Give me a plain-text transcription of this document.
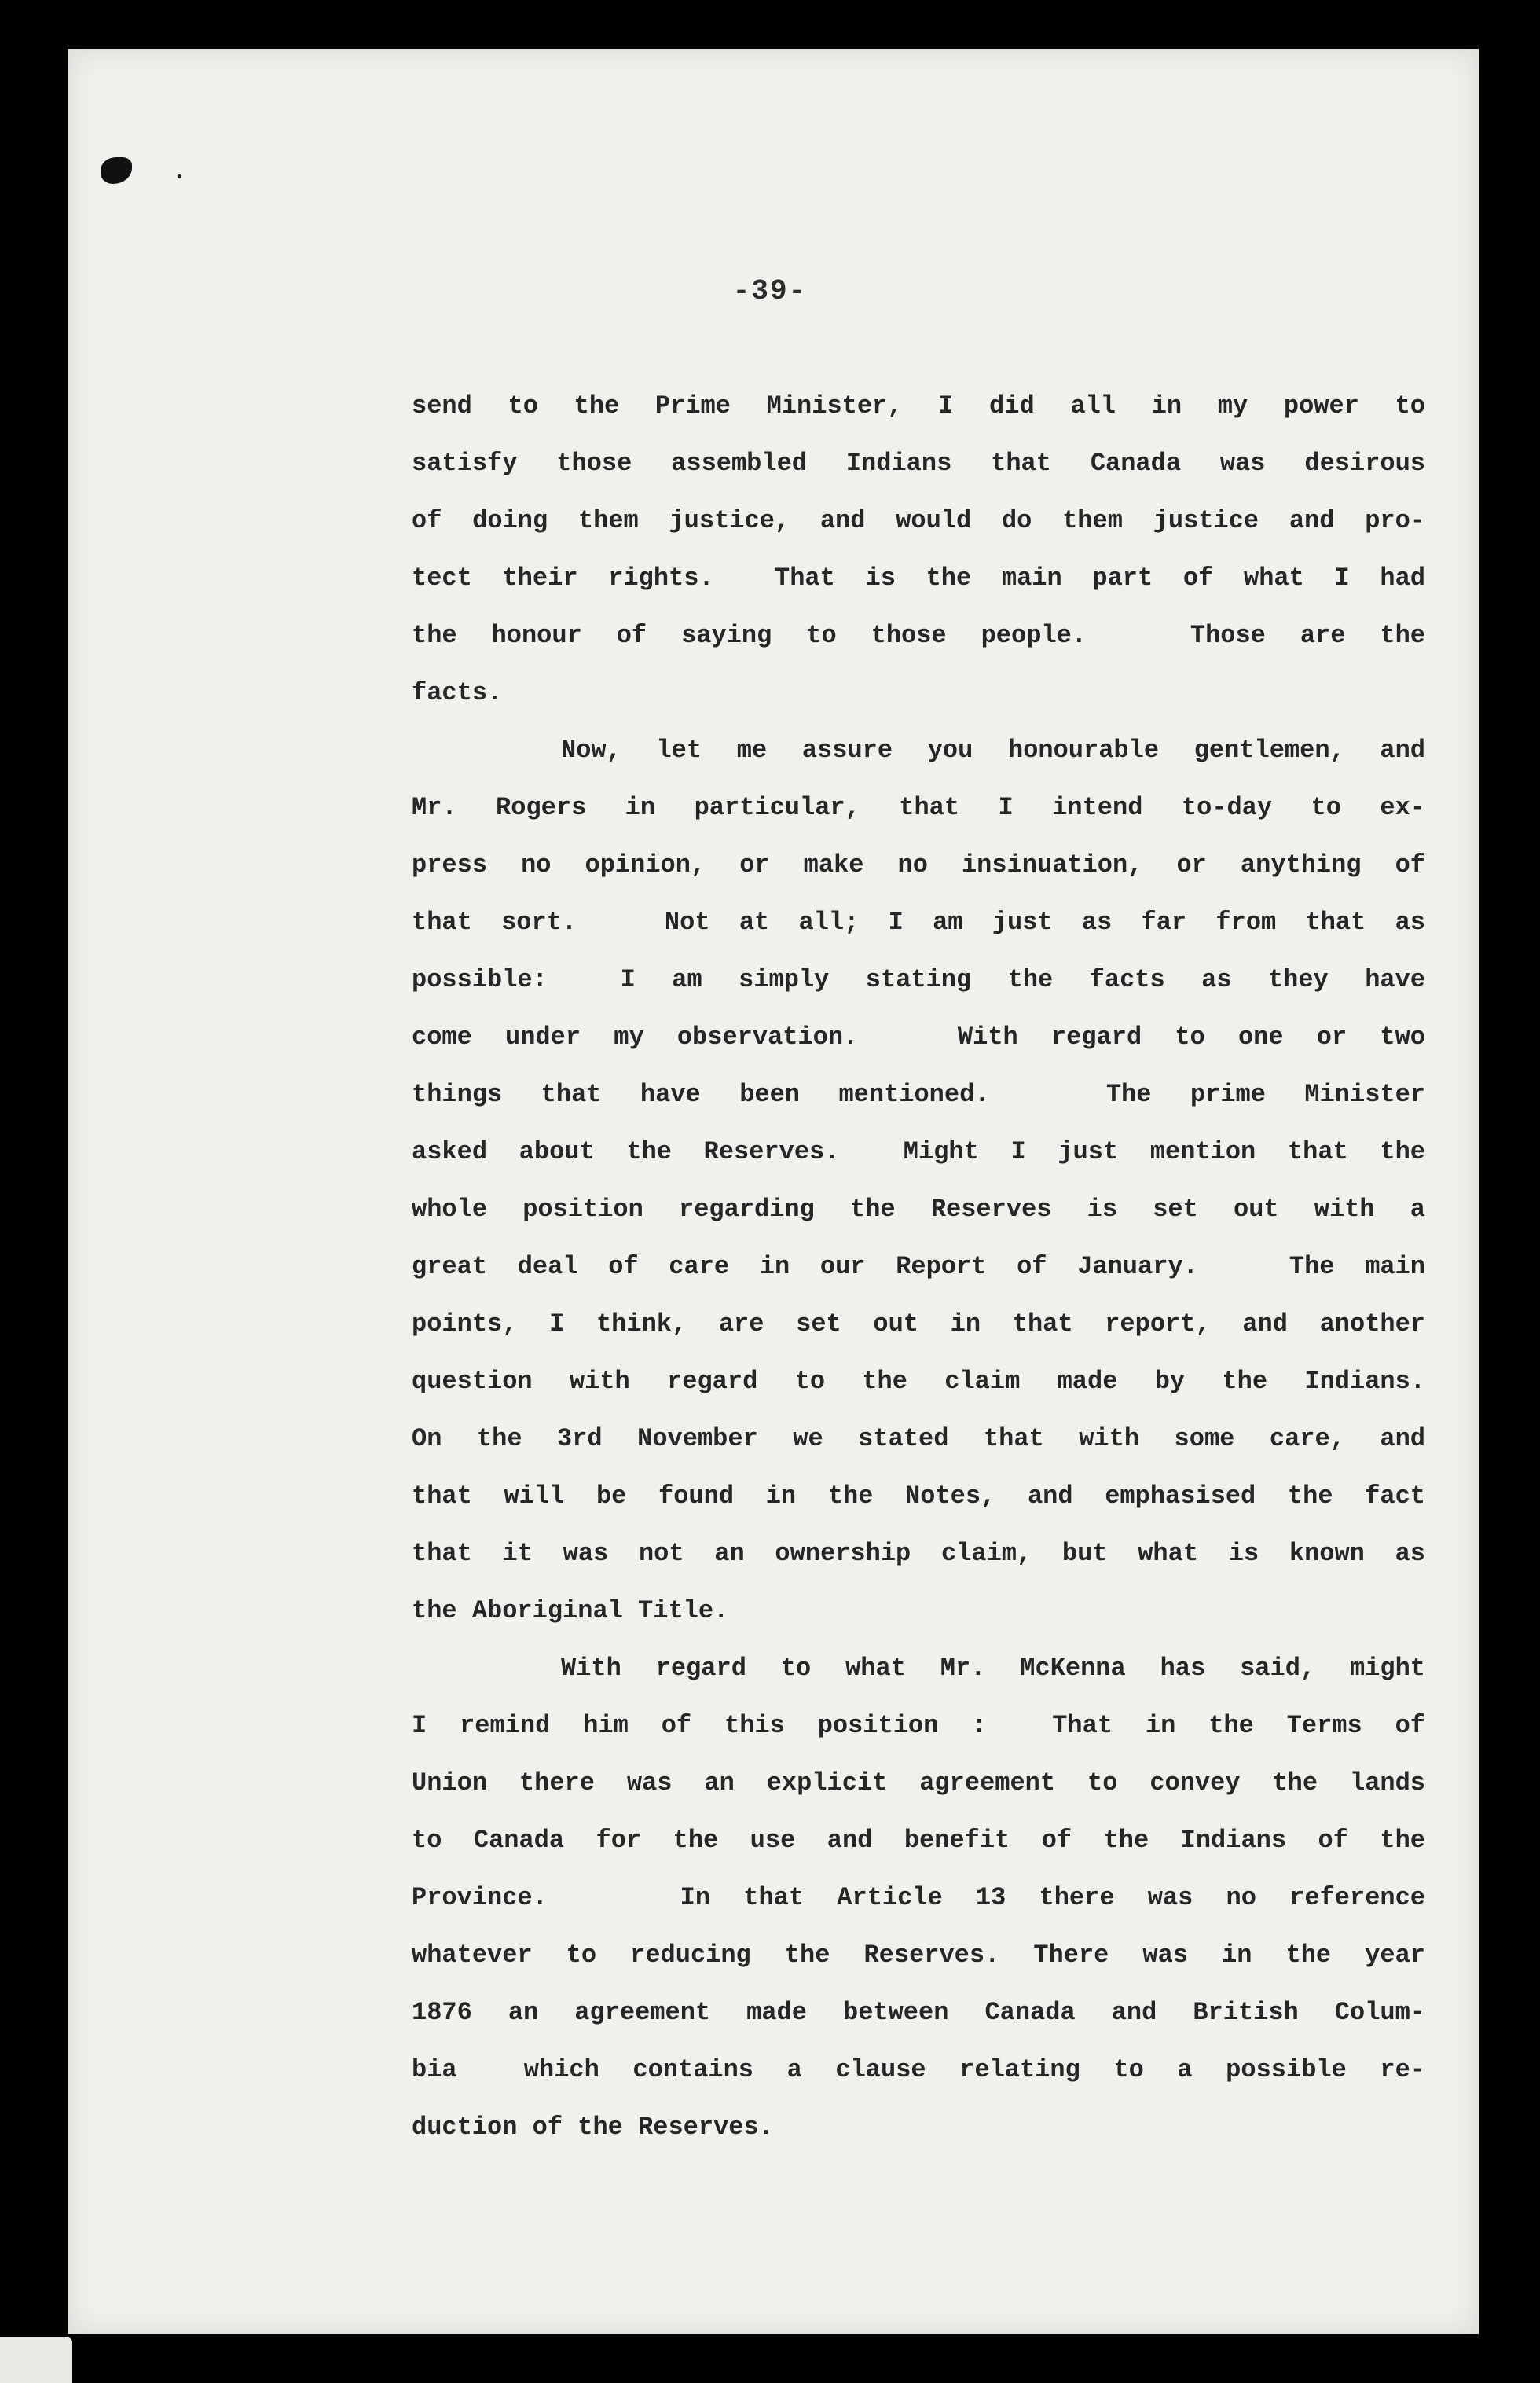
-39-
send to the Prime Minister, I did all in my power to
satisfy those assembled Indians that Canada was desirous
of doing them justice, and would do them justice and pro-
tect their rights.  That is the main part of what I had
the honour of saying to those people.   Those are the
facts.
Now, let me assure you honourable gentlemen, and
Mr. Rogers in particular, that I intend to-day to ex-
press no opinion, or make no insinuation, or anything of
that sort.   Not at all; I am just as far from that as
possible:  I am simply stating the facts as they have
come under my observation.   With regard to one or two
things that have been mentioned.   The prime Minister
asked about the Reserves.  Might I just mention that the
whole position regarding the Reserves is set out with a
great deal of care in our Report of January.   The main
points, I think, are set out in that report, and another
question with regard to the claim made by the Indians.
On the 3rd November we stated that with some care, and
that will be found in the Notes, and emphasised the fact
that it was not an ownership claim, but what is known as
the Aboriginal Title.
With regard to what Mr. McKenna has said, might
I remind him of this position :  That in the Terms of
Union there was an explicit agreement to convey the lands
to Canada for the use and benefit of the Indians of the
Province.    In that Article 13 there was no reference
whatever to reducing the Reserves. There was in the year
1876 an agreement made between Canada and British Colum-
bia  which contains a clause relating to a possible re-
duction of the Reserves.
